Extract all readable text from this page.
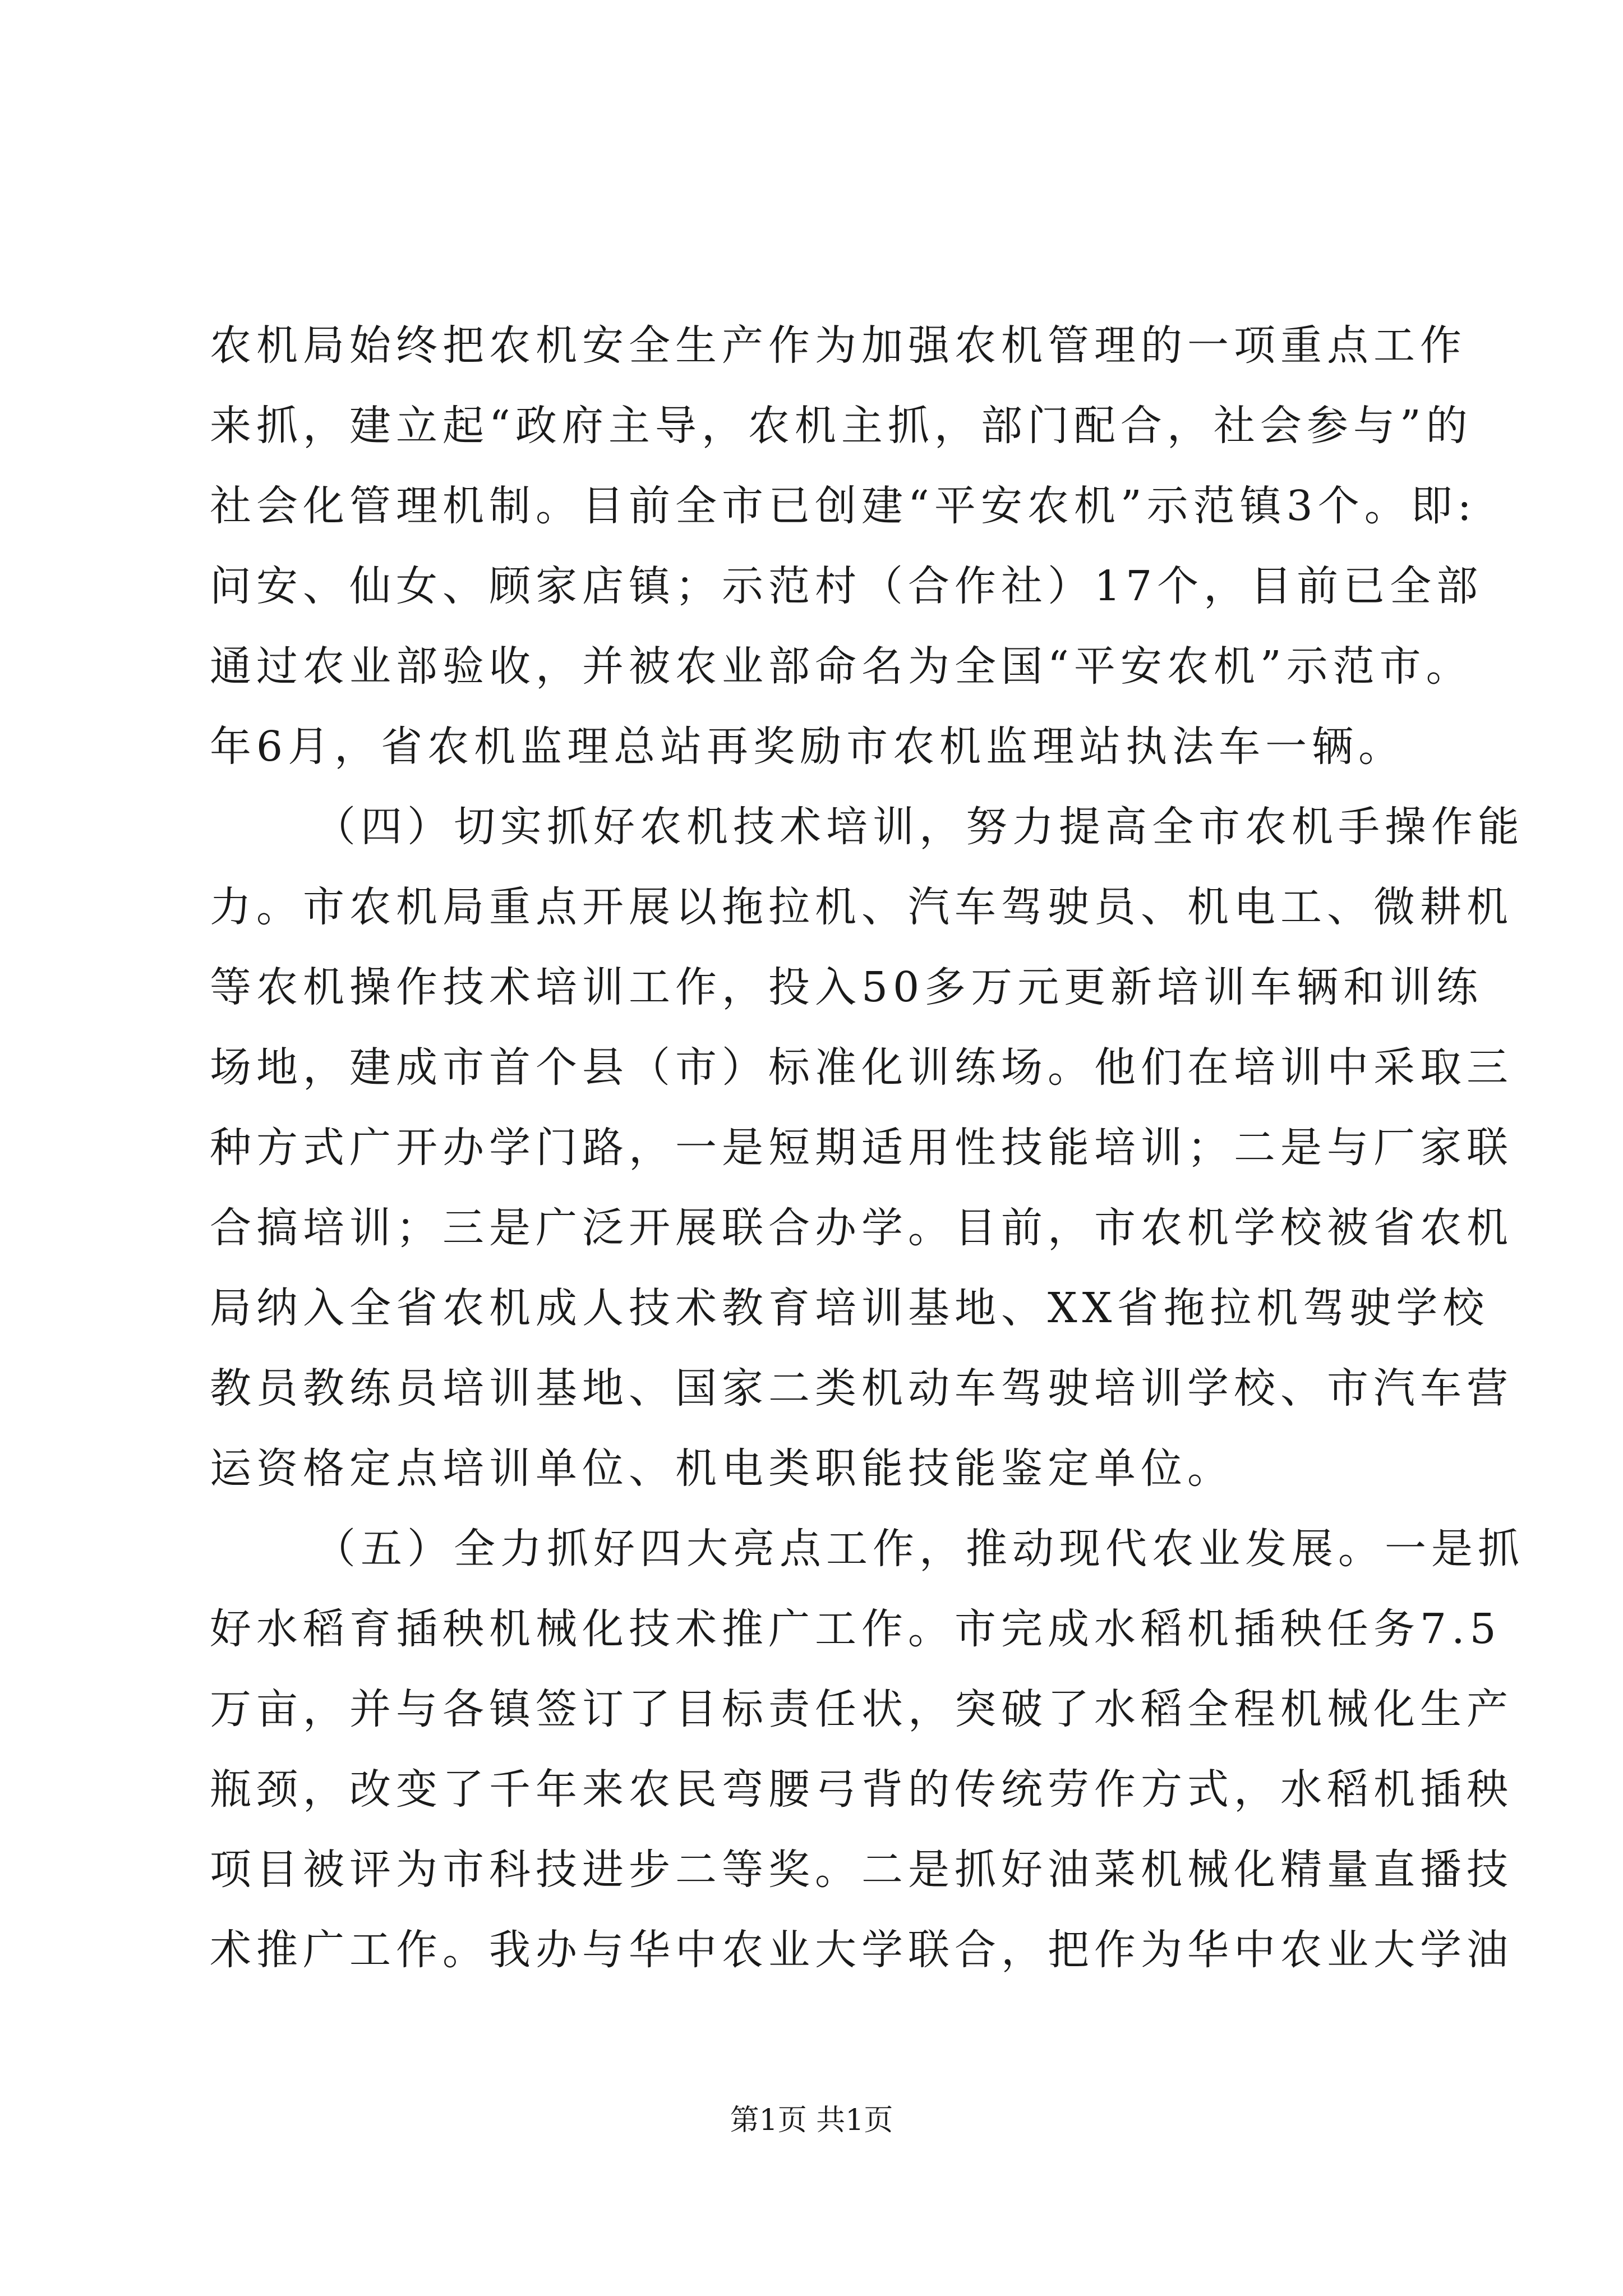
农机局始终把农机安全生产作为加强农机管理的一项重点工作
来抓，建立起“政府主导，农机主抓，部门配合，社会参与”的
社会化管理机制。目前全市已创建“平安农机”示范镇3个。即:
问安、仙女、顾家店镇；示范村（合作社）17个，目前已全部
通过农业部验收，并被农业部命名为全国“平安农机”示范市。
年6月，省农机监理总站再奖励市农机监理站执法车一辆。
（四）切实抓好农机技术培训，努力提高全市农机手操作能
力。市农机局重点开展以拖拉机、汽车驾驶员、机电工、微耕机
等农机操作技术培训工作，投入50多万元更新培训车辆和训练
场地，建成市首个县（市）标准化训练场。他们在培训中采取三
种方式广开办学门路，一是短期适用性技能培训；二是与厂家联
合搞培训；三是广泛开展联合办学。目前，市农机学校被省农机
局纳入全省农机成人技术教育培训基地、XX省拖拉机驾驶学校
教员教练员培训基地、国家二类机动车驾驶培训学校、市汽车营
运资格定点培训单位、机电类职能技能鉴定单位。
（五）全力抓好四大亮点工作，推动现代农业发展。一是抓
好水稻育插秧机械化技术推广工作。市完成水稻机插秧任务7.5
万亩，并与各镇签订了目标责任状，突破了水稻全程机械化生产
瓶颈，改变了千年来农民弯腰弓背的传统劳作方式，水稻机插秧
项目被评为市科技进步二等奖。二是抓好油菜机械化精量直播技
术推广工作。我办与华中农业大学联合，把作为华中农业大学油
第1页 共1页
